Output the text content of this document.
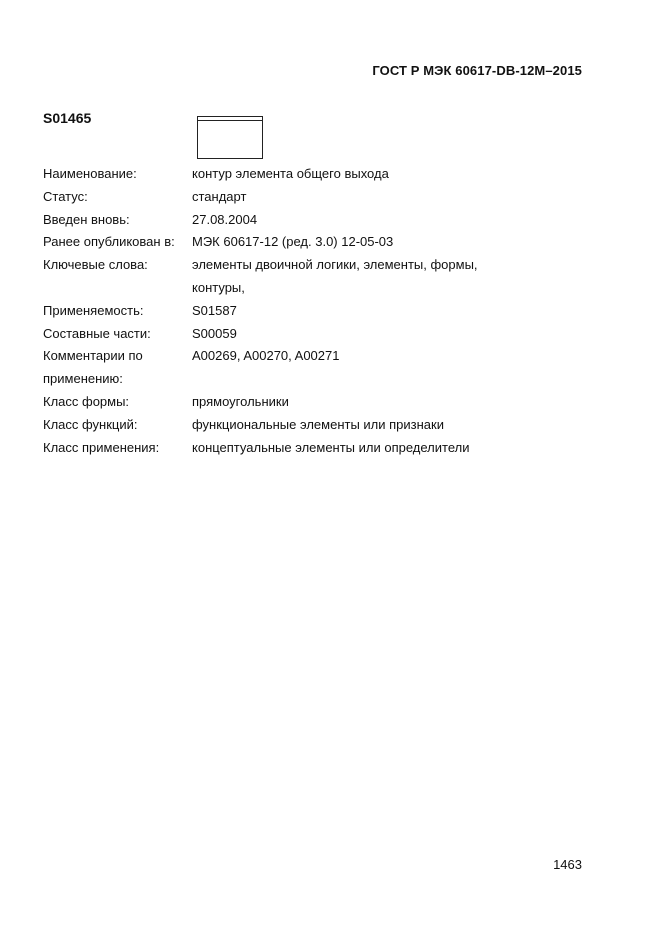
ГОСТ Р МЭК 60617-DB-12M–2015
S01465
Наименование:	контур элемента общего выхода
Статус:	стандарт
Введен вновь:	27.08.2004
Ранее опубликован в:	МЭК 60617-12 (ред. 3.0) 12-05-03
Ключевые слова:	элементы двоичной логики, элементы, формы,
контуры,
Применяемость:	S01587
Составные части:	S00059
Комментарии по
применению:
A00269, A00270, A00271
Класс формы:	прямоугольники
Класс функций:	функциональные элементы или признаки
Класс применения:	концептуальные элементы или определители
1463
